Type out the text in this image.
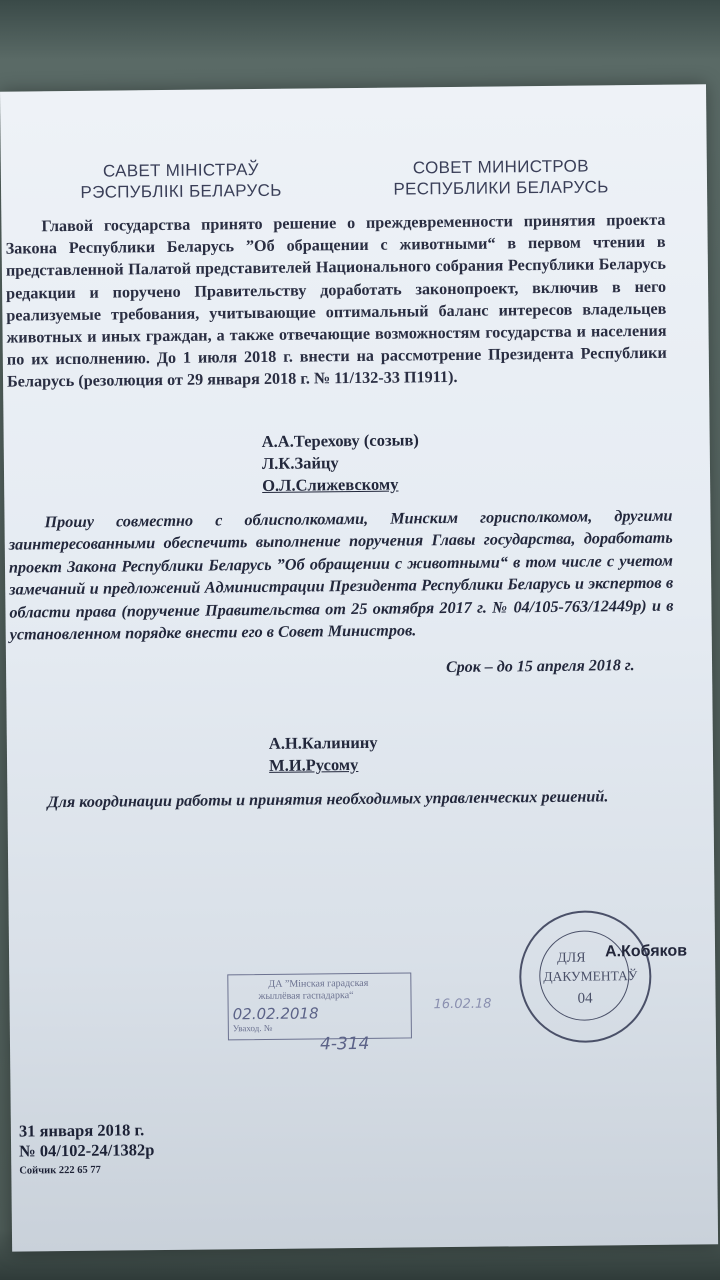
САВЕТ МІНІСТРАЎ
РЭСПУБЛІКІ БЕЛАРУСЬ
СОВЕТ МИНИСТРОВ
РЕСПУБЛИКИ БЕЛАРУСЬ
Главой государства принято решение о преждевременности принятия проекта Закона Республики Беларусь ”Об обращении с животными“ в первом чтении в представленной Палатой представителей Национального собрания Республики Беларусь редакции и поручено Правительству доработать законопроект, включив в него реализуемые требования, учитывающие оптимальный баланс интересов владельцев животных и иных граждан, а также отвечающие возможностям государства и населения по их исполнению. До 1 июля 2018 г. внести на рассмотрение Президента Республики Беларусь (резолюция от 29 января 2018 г. № 11/132-33 П1911).
А.А.Терехову (созыв)
Л.К.Зайцу
О.Л.Слижевскому
Прошу совместно с облисполкомами, Минским горисполкомом, другими заинтересованными обеспечить выполнение поручения Главы государства, доработать проект Закона Республики Беларусь ”Об обращении с животными“ в том числе с учетом замечаний и предложений Администрации Президента Республики Беларусь и экспертов в области права (поручение Правительства от 25 октября 2017 г. № 04/105-763/12449р) и в установленном порядке внести его в Совет Министров.
Срок – до 15 апреля 2018 г.
А.Н.Калинину
М.И.Русому
Для координации работы и принятия необходимых управленческих решений.
ДЛЯ
ДАКУМЕНТАЎ
04
А.Кобяков
ДА ”Мінская гарадская
жыллёвая гаспадарка“
02.02.2018
Уваход. №
4-314
16.02.18
31 января 2018 г.
№ 04/102-24/1382р
Сойчик 222 65 77
